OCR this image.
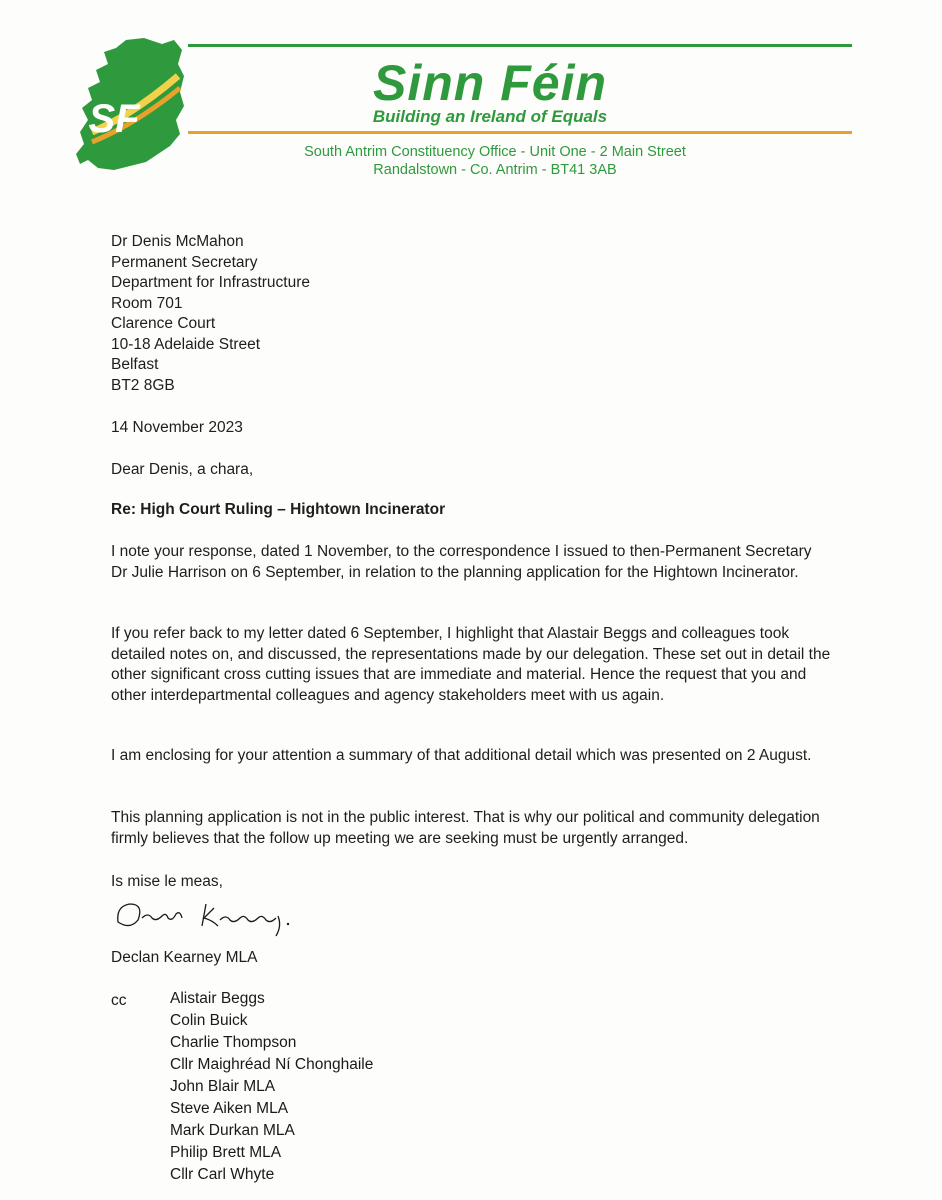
SF
Sinn Féin
Building an Ireland of Equals
South Antrim Constituency Office - Unit One - 2 Main Street
Randalstown - Co. Antrim - BT41 3AB
Dr Denis McMahon
Permanent Secretary
Department for Infrastructure
Room 701
Clarence Court
10-18 Adelaide Street
Belfast
BT2 8GB
14 November 2023
Dear Denis, a chara,
Re: High Court Ruling – Hightown Incinerator

I note your response, dated 1 November, to the correspondence I issued to then-Permanent Secretary Dr Julie Harrison on 6 September, in relation to the planning application for the Hightown Incinerator.

If you refer back to my letter dated 6 September, I highlight that Alastair Beggs and colleagues took detailed notes on, and discussed, the representations made by our delegation. These set out in detail the other significant cross cutting issues that are immediate and material. Hence the request that you and other interdepartmental colleagues and agency stakeholders meet with us again.

I am enclosing for your attention a summary of that additional detail which was presented on 2 August.

This planning application is not in the public interest. That is why our political and community delegation firmly believes that the follow up meeting we are seeking must be urgently arranged.

Is mise le meas,
Declan Kearney MLA
cc	Alistair Beggs
Colin Buick
Charlie Thompson
Cllr Maighréad Ní Chonghaile
John Blair MLA
Steve Aiken MLA
Mark Durkan MLA
Philip Brett MLA
Cllr Carl Whyte
